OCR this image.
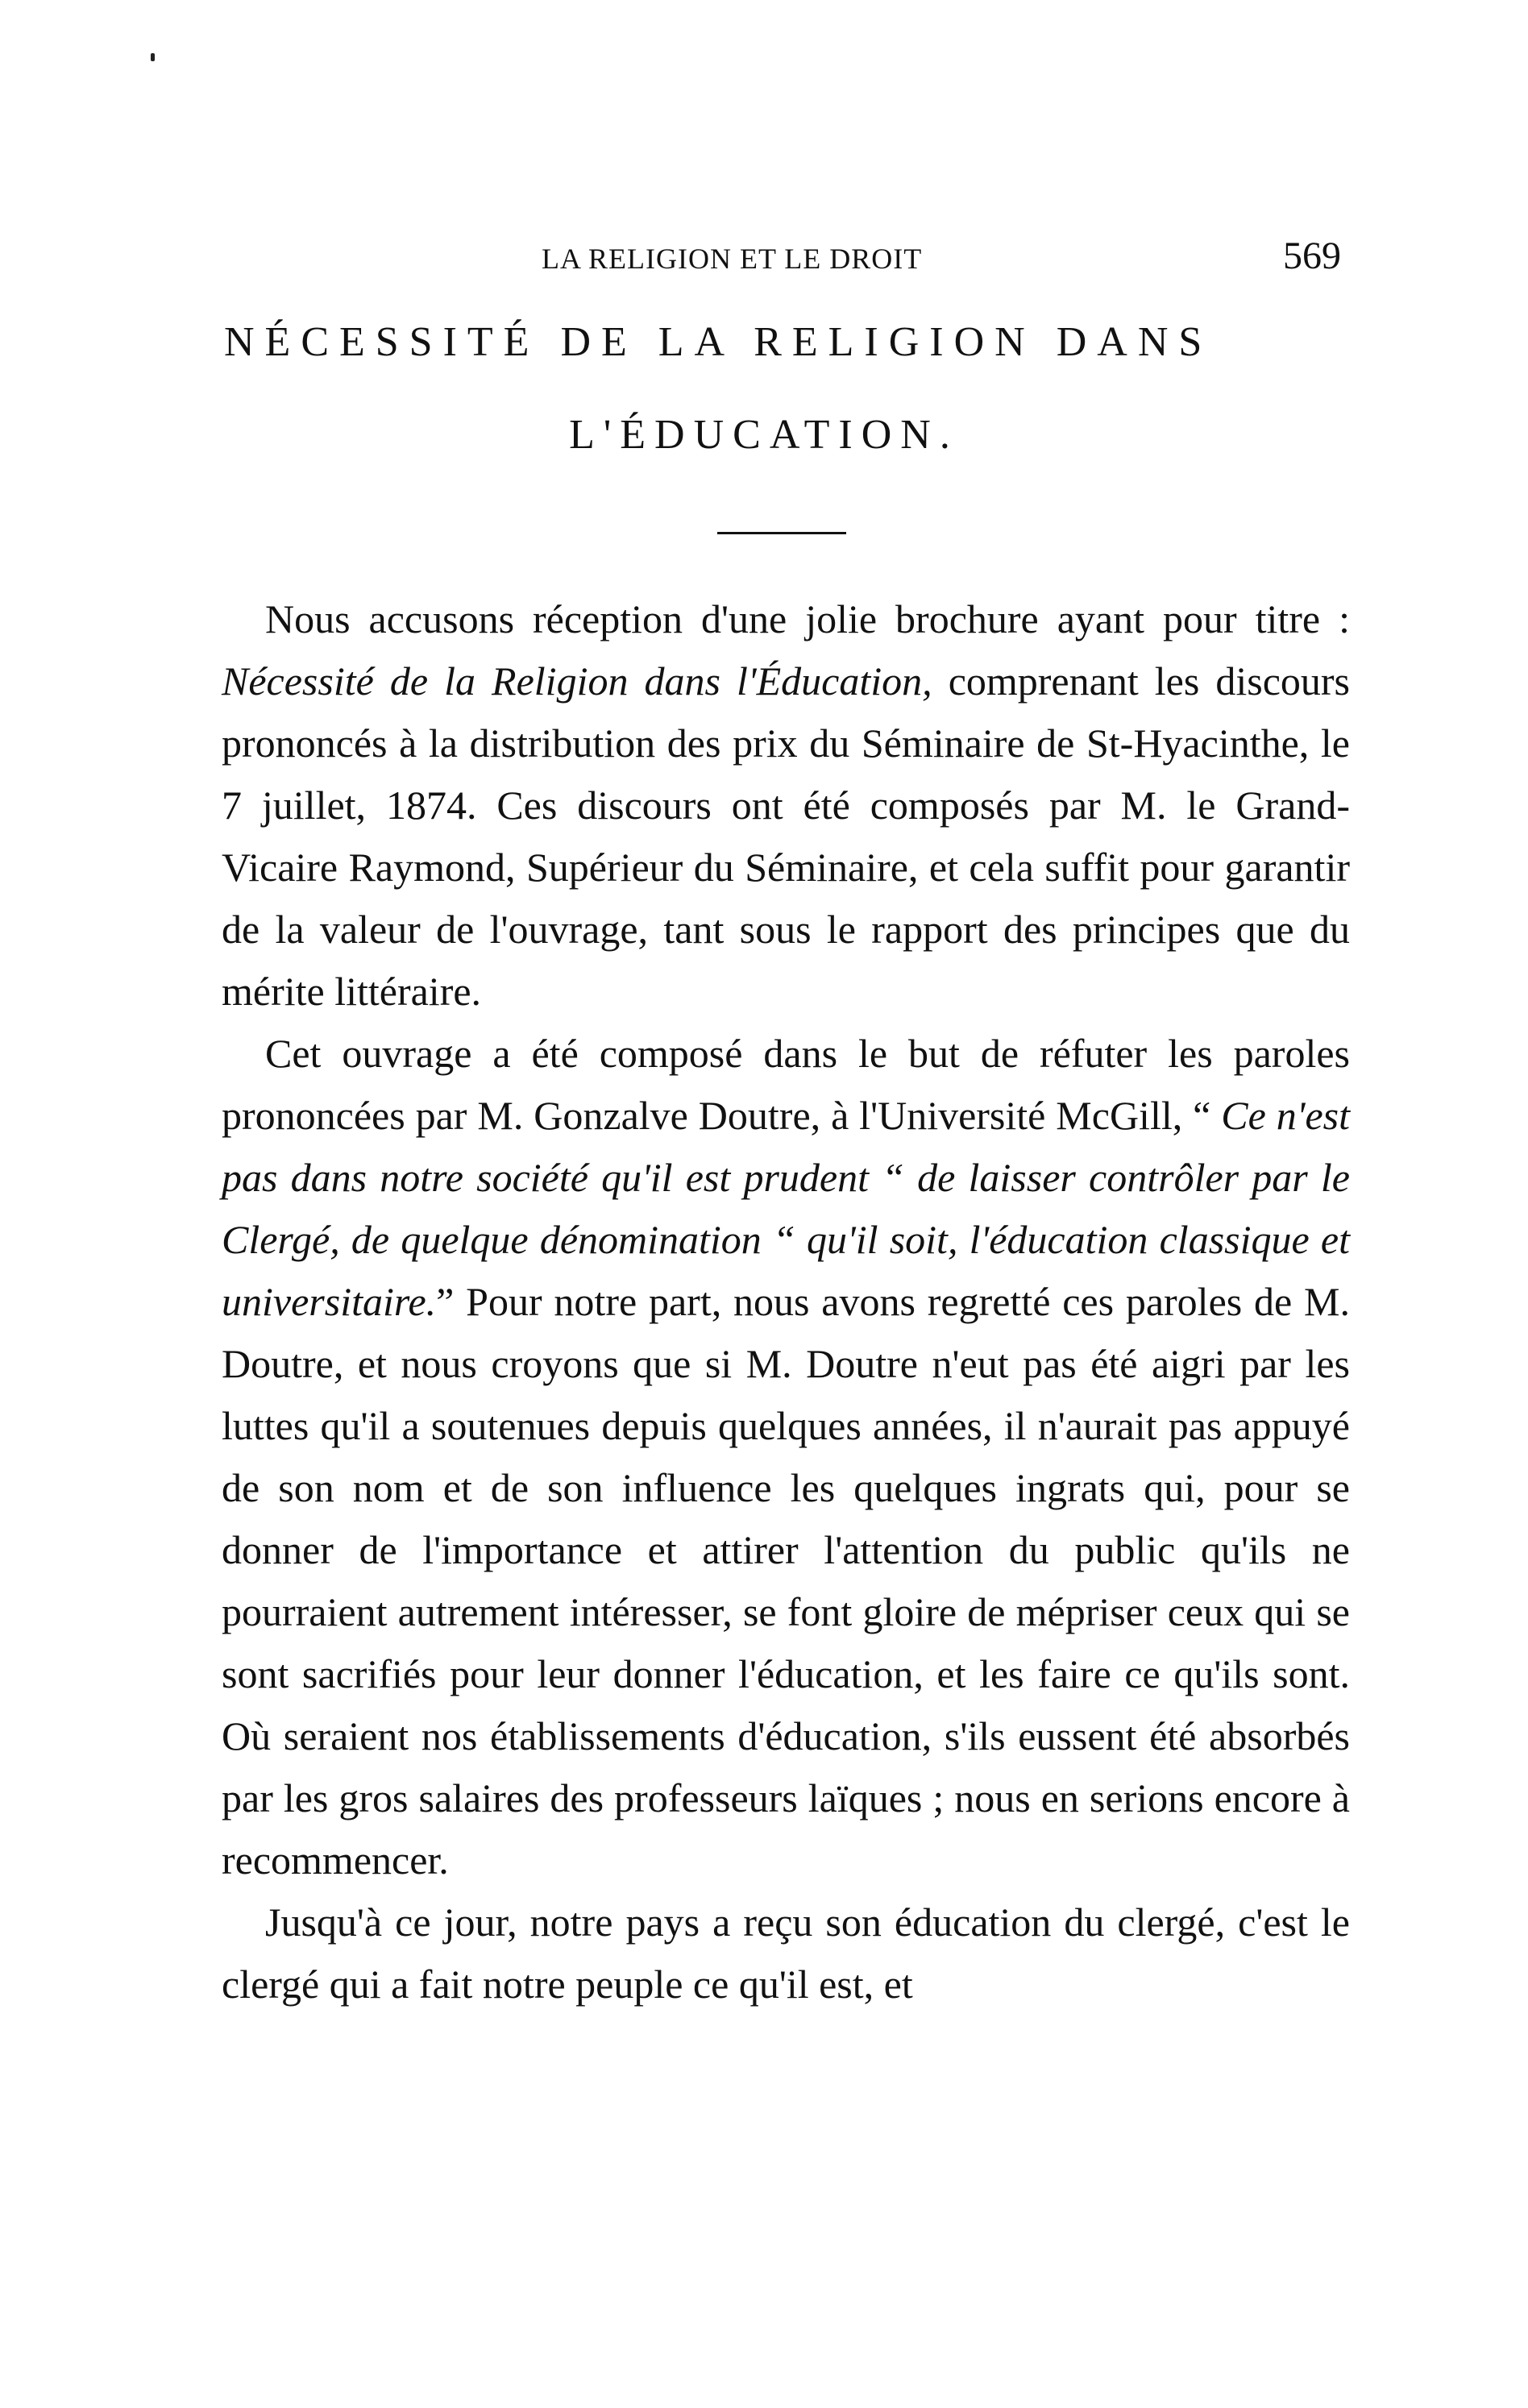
LA RELIGION ET LE DROIT	569
NÉCESSITÉ DE LA RELIGION DANS
L'ÉDUCATION.

Nous accusons réception d'une jolie brochure ayant pour titre : Nécessité de la Religion dans l'Éducation, comprenant les discours prononcés à la distribution des prix du Séminaire de St-Hyacinthe, le 7 juillet, 1874. Ces discours ont été composés par M. le Grand-Vicaire Raymond, Supérieur du Séminaire, et cela suffit pour garantir de la valeur de l'ouvrage, tant sous le rapport des principes que du mérite littéraire.

Cet ouvrage a été composé dans le but de réfuter les paroles prononcées par M. Gonzalve Doutre, à l'Université McGill, “ Ce n'est pas dans notre société qu'il est prudent “ de laisser contrôler par le Clergé, de quelque dénomination “ qu'il soit, l'éducation classique et universitaire.” Pour notre part, nous avons regretté ces paroles de M. Doutre, et nous croyons que si M. Doutre n'eut pas été aigri par les luttes qu'il a soutenues depuis quelques années, il n'aurait pas appuyé de son nom et de son influence les quelques ingrats qui, pour se donner de l'importance et attirer l'attention du public qu'ils ne pourraient autrement intéresser, se font gloire de mépriser ceux qui se sont sacrifiés pour leur donner l'éducation, et les faire ce qu'ils sont. Où seraient nos établissements d'éducation, s'ils eussent été absorbés par les gros salaires des professeurs laïques ; nous en serions encore à recommencer.

Jusqu'à ce jour, notre pays a reçu son éducation du clergé, c'est le clergé qui a fait notre peuple ce qu'il est, et
